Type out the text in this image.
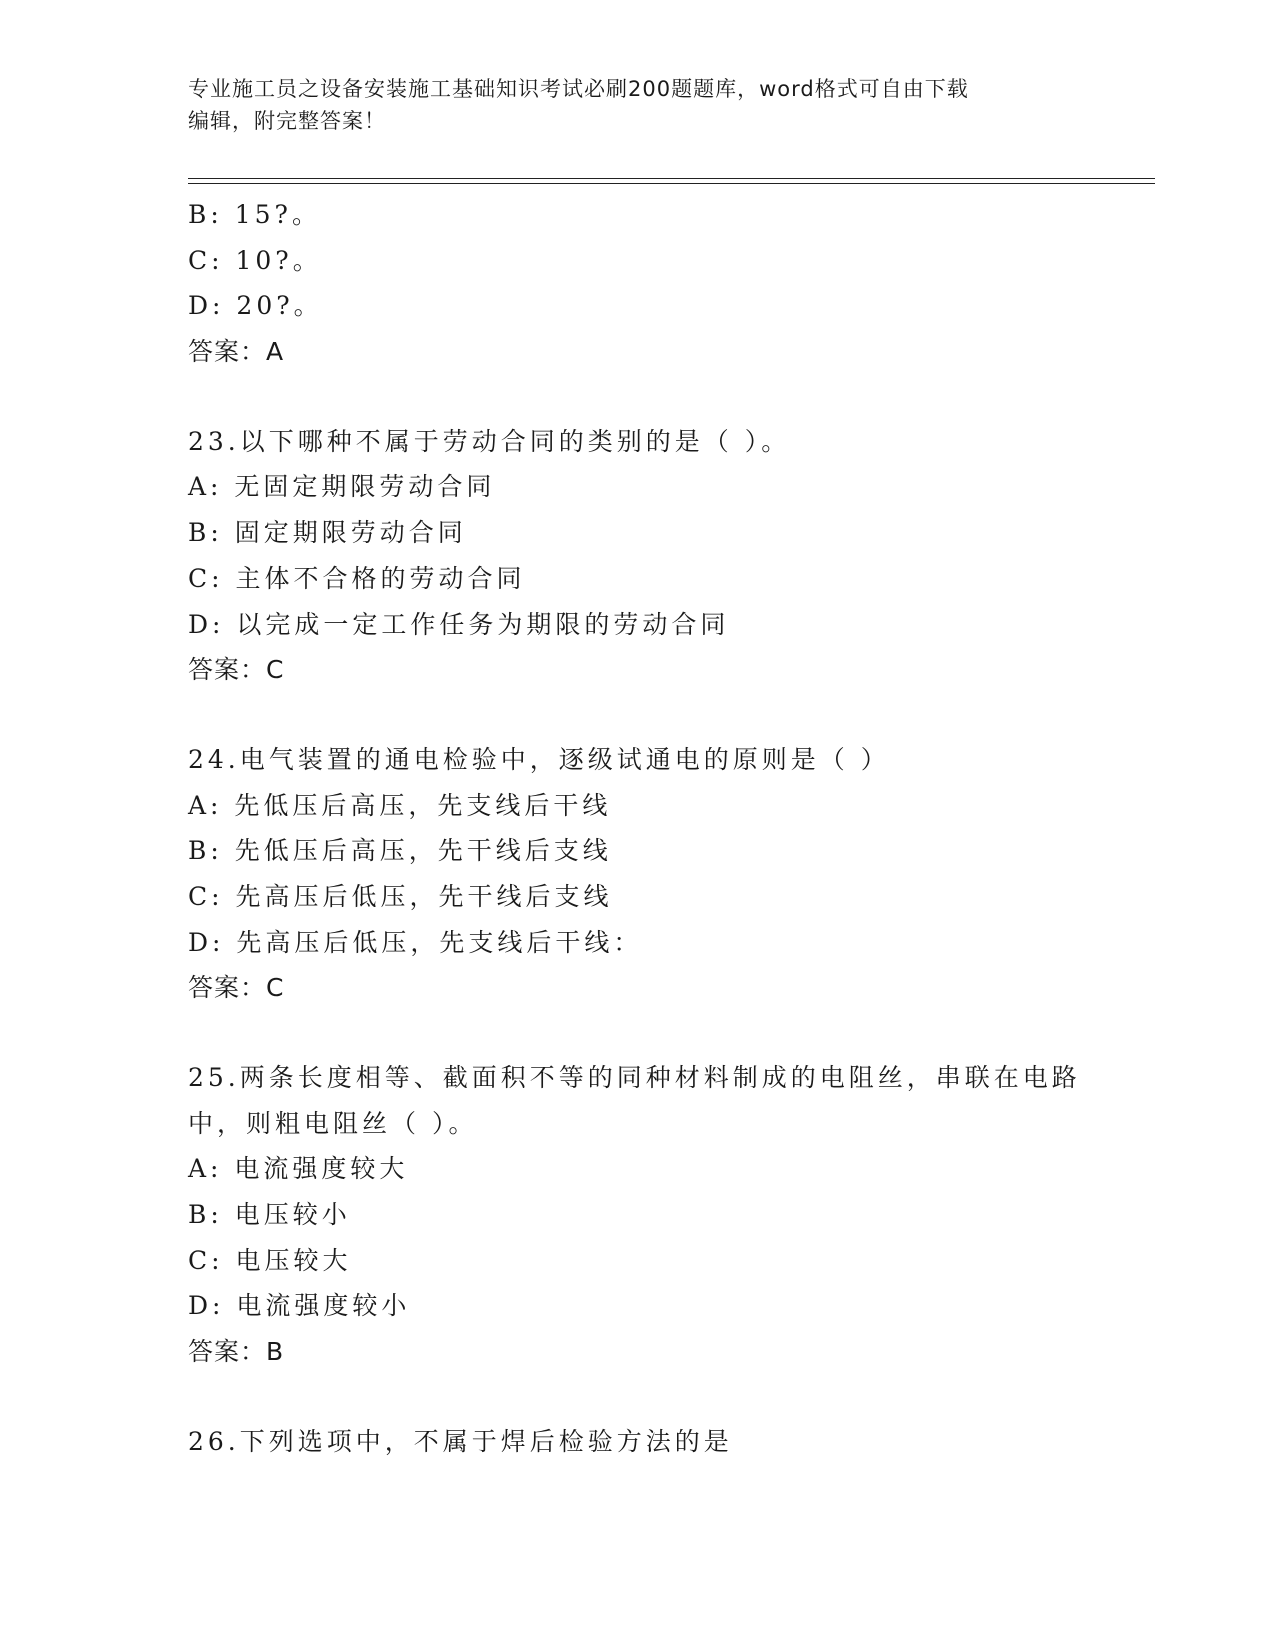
专业施工员之设备安装施工基础知识考试必刷200题题库，word格式可自由下载
编辑，附完整答案！
B: 15?。
C: 10?。
D: 20?。
答案：A
23.以下哪种不属于劳动合同的类别的是（ ）。
A: 无固定期限劳动合同
B: 固定期限劳动合同
C: 主体不合格的劳动合同
D: 以完成一定工作任务为期限的劳动合同
答案：C
24.电气装置的通电检验中，逐级试通电的原则是（ ）
A: 先低压后高压，先支线后干线
B: 先低压后高压，先干线后支线
C: 先高压后低压，先干线后支线
D: 先高压后低压，先支线后干线：
答案：C
25.两条长度相等、截面积不等的同种材料制成的电阻丝，串联在电路
中，则粗电阻丝（ ）。
A: 电流强度较大
B: 电压较小
C: 电压较大
D: 电流强度较小
答案：B
26.下列选项中，不属于焊后检验方法的是
